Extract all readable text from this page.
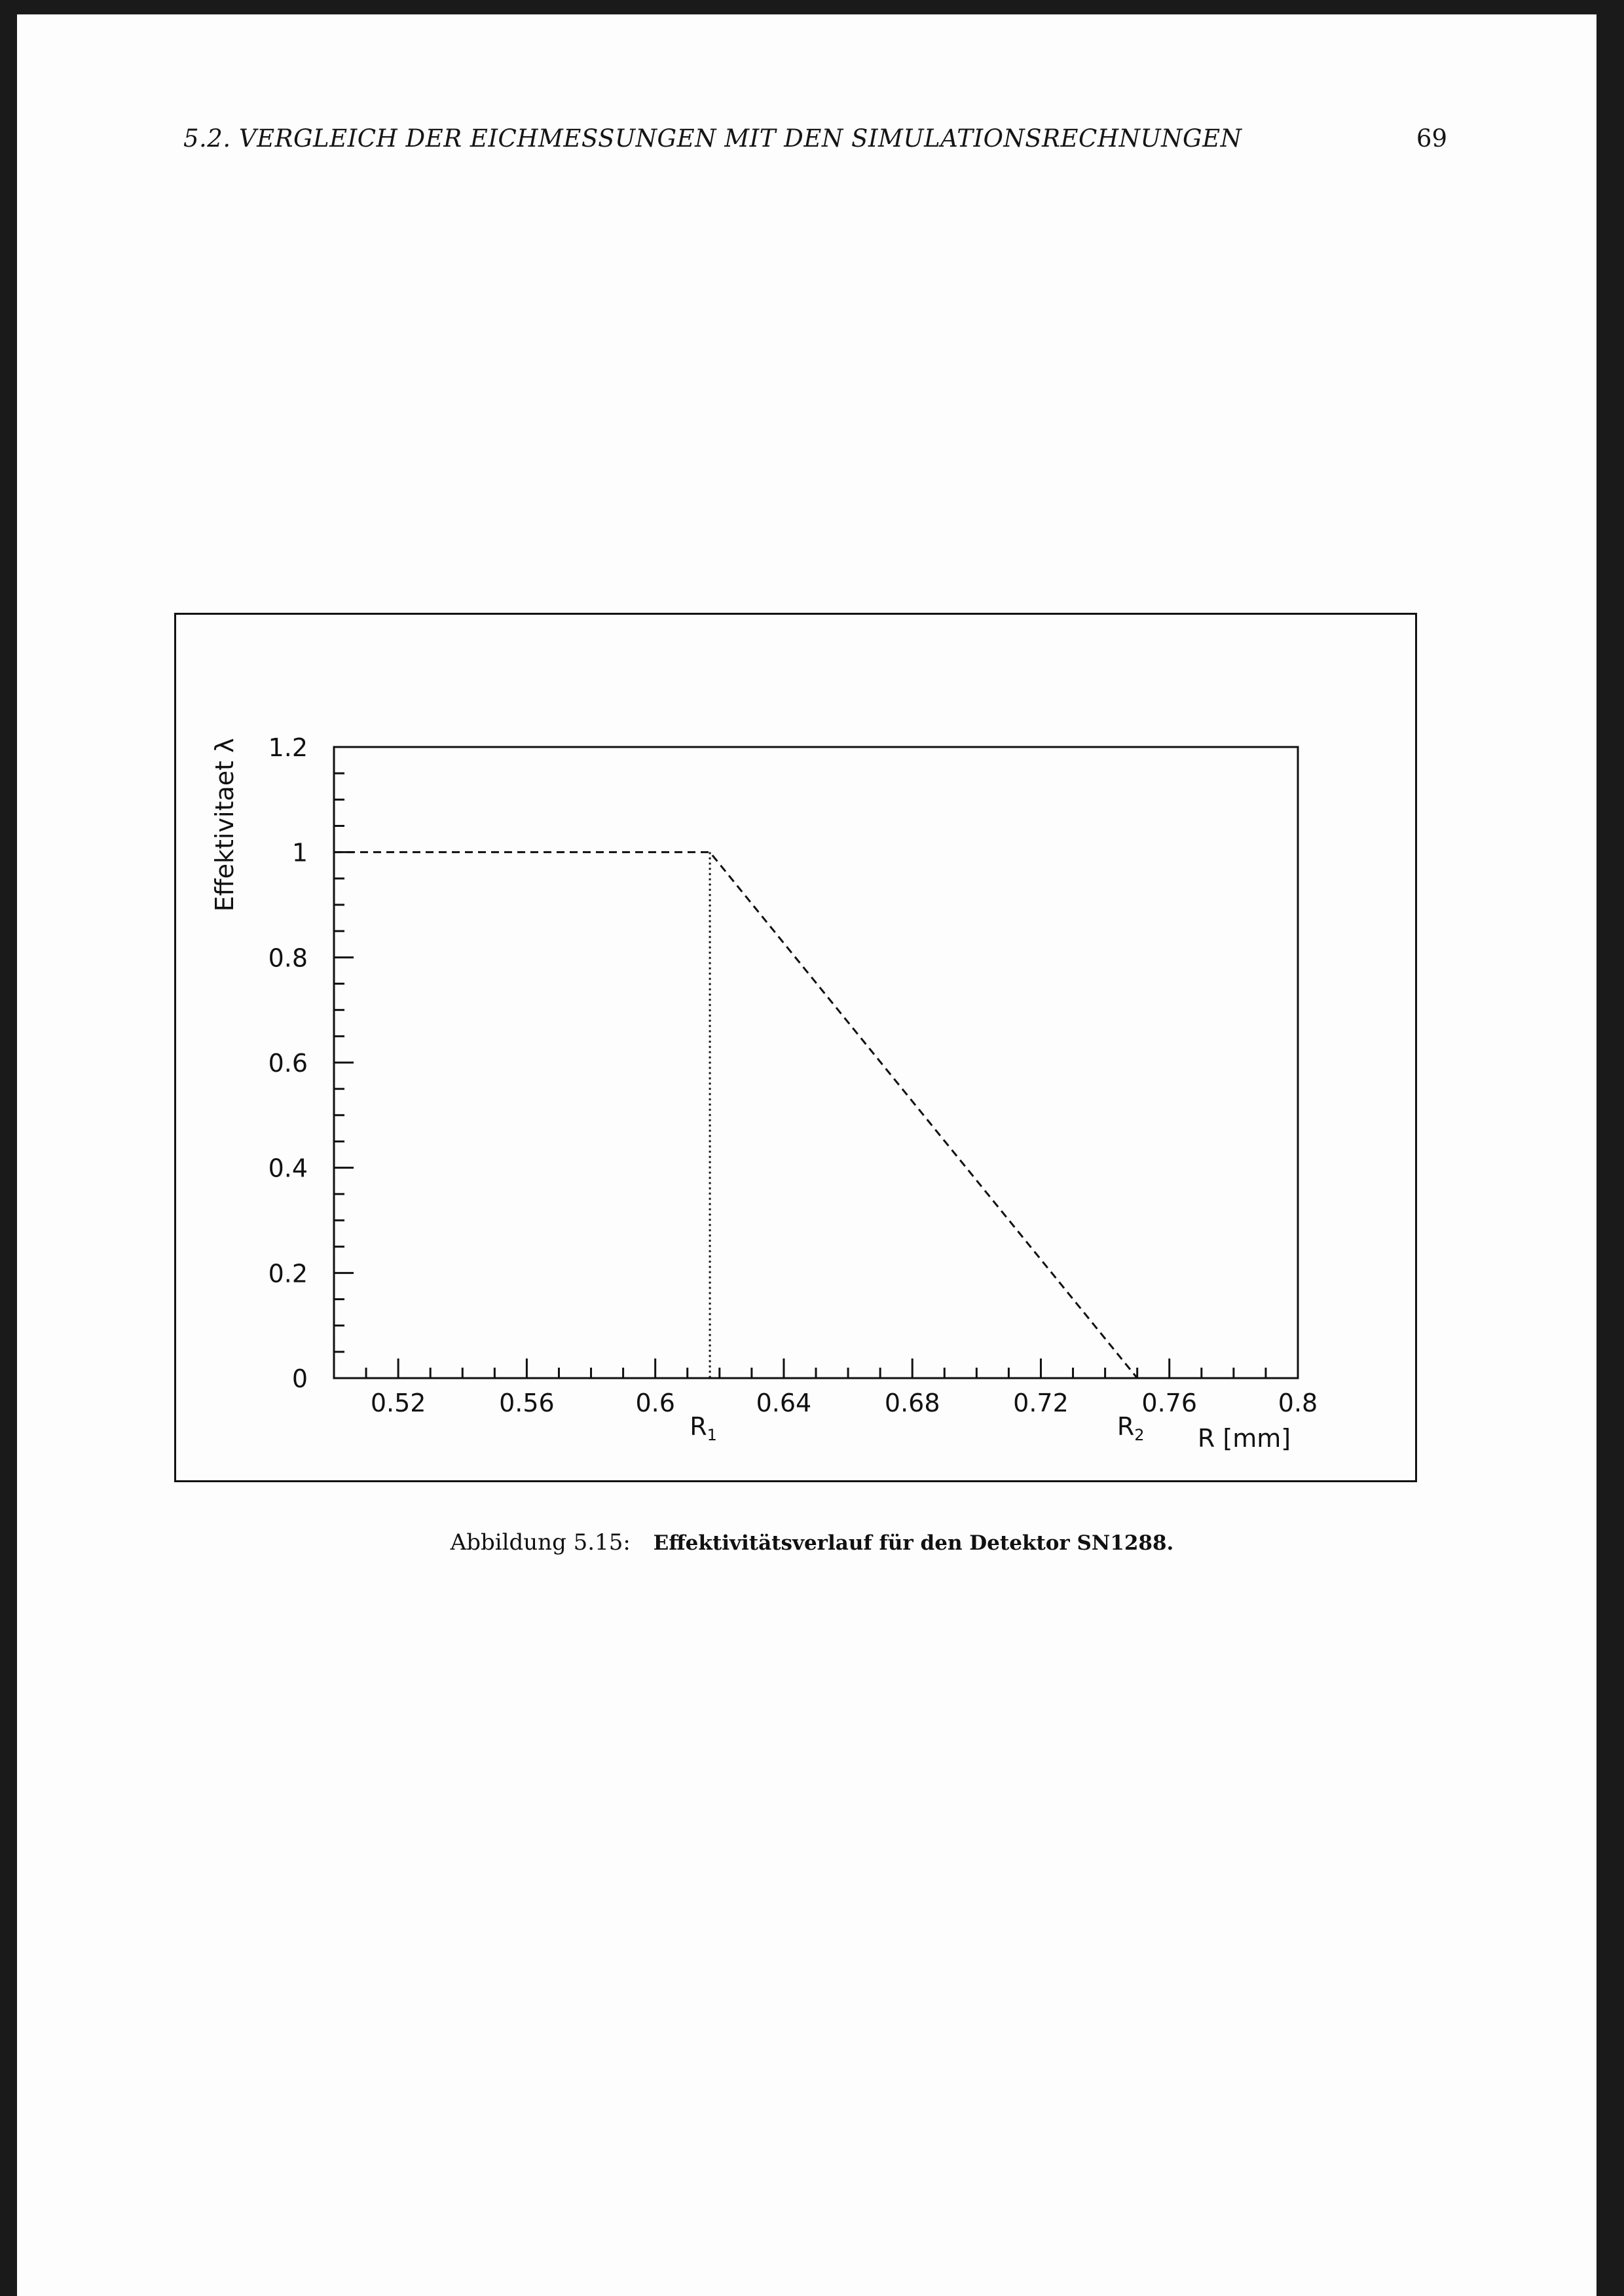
5.2. VERGLEICH DER EICHMESSUNGEN MIT DEN SIMULATIONSRECHNUNGEN	69
0.52	0.56	0.6	0.64	0.68	0.72	0.76	0.8
0
0.2
0.4
0.6
0.8
1
1.2
$R_1$	$R_2$
Effektivitaet λ
R [mm]
Abbildung 5.15: Effektivitätsverlauf für den Detektor SN1288.
